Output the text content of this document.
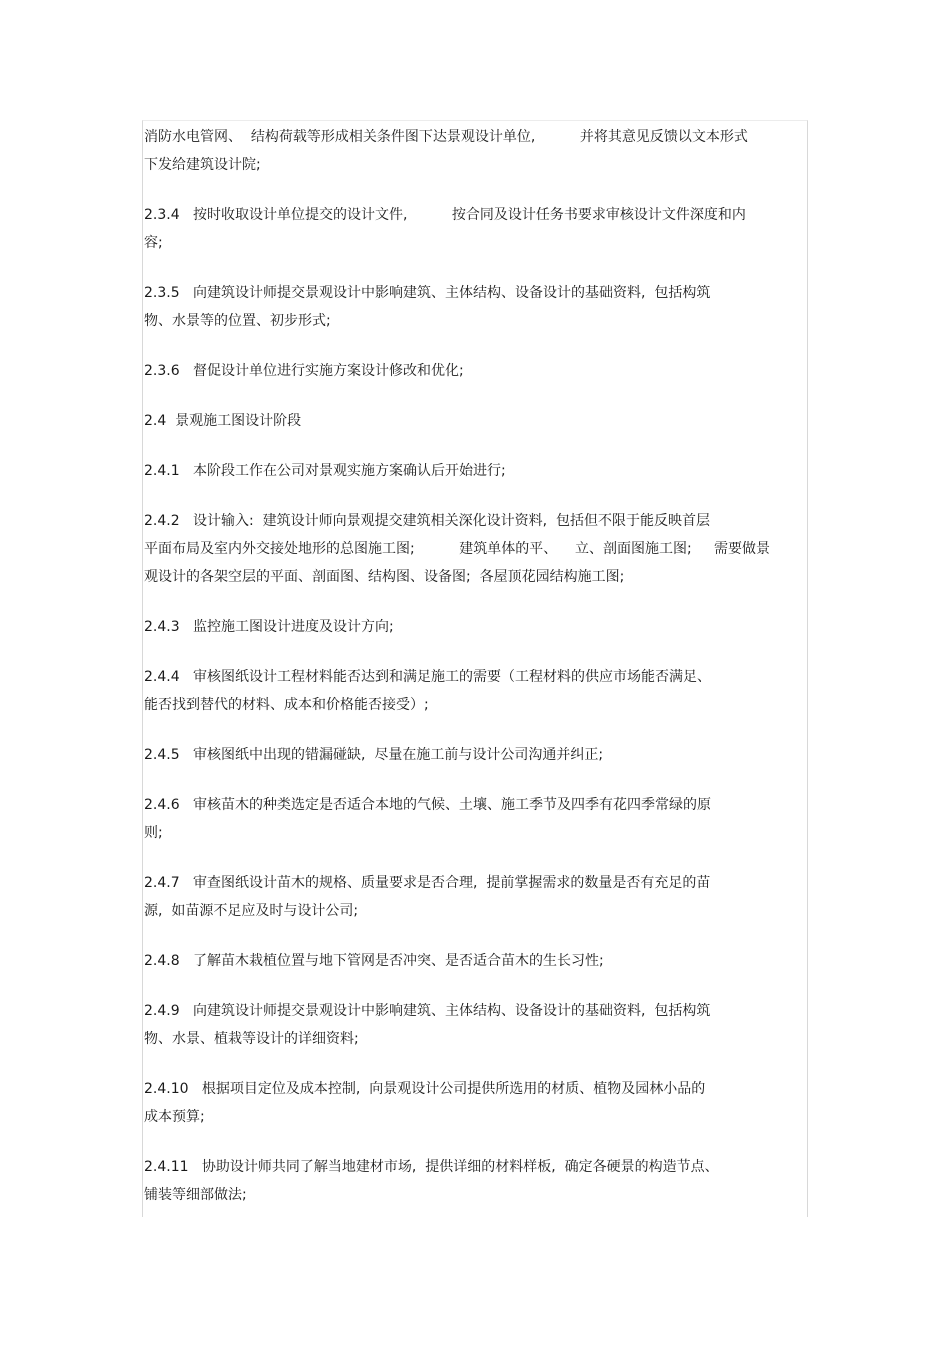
消防水电管网、  结构荷载等形成相关条件图下达景观设计单位,          并将其意见反馈以文本形式
下发给建筑设计院;
2.3.4   按时收取设计单位提交的设计文件,          按合同及设计任务书要求审核设计文件深度和内
容;
2.3.5   向建筑设计师提交景观设计中影响建筑、主体结构、设备设计的基础资料,  包括构筑
物、水景等的位置、初步形式;
2.3.6   督促设计单位进行实施方案设计修改和优化;
2.4  景观施工图设计阶段
2.4.1   本阶段工作在公司对景观实施方案确认后开始进行;
2.4.2   设计输入:  建筑设计师向景观提交建筑相关深化设计资料,  包括但不限于能反映首层
平面布局及室内外交接处地形的总图施工图;          建筑单体的平、    立、剖面图施工图;     需要做景
观设计的各架空层的平面、剖面图、结构图、设备图;  各屋顶花园结构施工图;
2.4.3   监控施工图设计进度及设计方向;
2.4.4   审核图纸设计工程材料能否达到和满足施工的需要（工程材料的供应市场能否满足、
能否找到替代的材料、成本和价格能否接受）;
2.4.5   审核图纸中出现的错漏碰缺,  尽量在施工前与设计公司沟通并纠正;
2.4.6   审核苗木的种类选定是否适合本地的气候、土壤、施工季节及四季有花四季常绿的原
则;
2.4.7   审查图纸设计苗木的规格、质量要求是否合理,  提前掌握需求的数量是否有充足的苗
源,  如苗源不足应及时与设计公司;
2.4.8   了解苗木栽植位置与地下管网是否冲突、是否适合苗木的生长习性;
2.4.9   向建筑设计师提交景观设计中影响建筑、主体结构、设备设计的基础资料,  包括构筑
物、水景、植栽等设计的详细资料;
2.4.10   根据项目定位及成本控制,  向景观设计公司提供所选用的材质、植物及园林小品的
成本预算;
2.4.11   协助设计师共同了解当地建材市场,  提供详细的材料样板,  确定各硬景的构造节点、
铺装等细部做法;
